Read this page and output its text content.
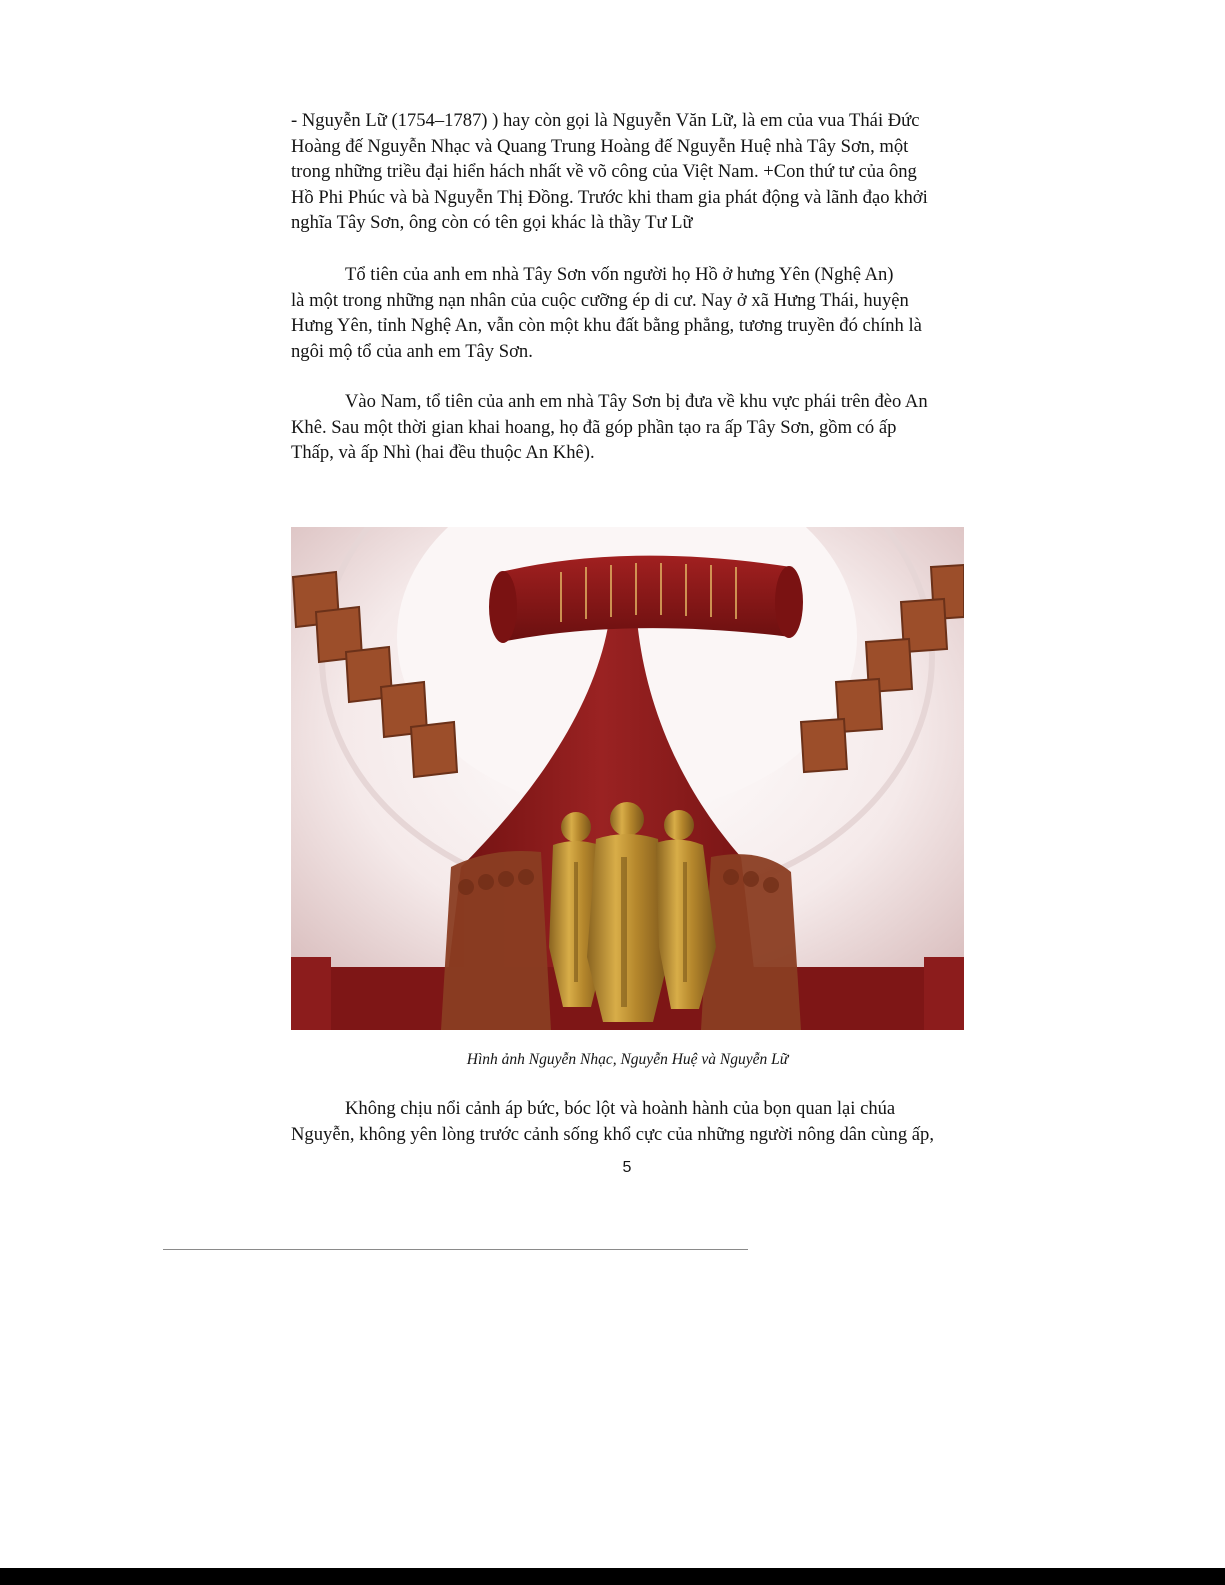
- Nguyễn Lữ (1754–1787) ) hay còn gọi là Nguyễn Văn Lữ, là em của vua Thái Đức
Hoàng đế Nguyễn Nhạc và Quang Trung Hoàng đế Nguyễn Huệ nhà Tây Sơn, một
trong những triều đại hiển hách nhất về võ công của Việt Nam. +Con thứ tư của ông
Hồ Phi Phúc và bà Nguyễn Thị Đồng. Trước khi tham gia phát động và lãnh đạo khởi
nghĩa Tây Sơn, ông còn có tên gọi khác là thầy Tư Lữ

Tổ tiên của anh em nhà Tây Sơn vốn người họ Hồ ở hưng Yên (Nghệ An)
là một trong những nạn nhân của cuộc cưỡng ép di cư. Nay ở xã Hưng Thái, huyện
Hưng Yên, tỉnh Nghệ An, vẫn còn một khu đất bằng phẳng, tương truyền đó chính là
ngôi mộ tổ của anh em Tây Sơn.

Vào Nam, tổ tiên của anh em nhà Tây Sơn bị đưa về khu vực phái trên đèo An
Khê. Sau một thời gian khai hoang, họ đã góp phần tạo ra ấp Tây Sơn, gồm có ấp
Thấp, và ấp Nhì (hai đều thuộc An Khê).

Hình ảnh Nguyễn Nhạc, Nguyễn Huệ và Nguyễn Lữ

Không chịu nổi cảnh áp bức, bóc lột và hoành hành của bọn quan lại chúa
Nguyễn, không yên lòng trước cảnh sống khổ cực của những người nông dân cùng ấp,

5
